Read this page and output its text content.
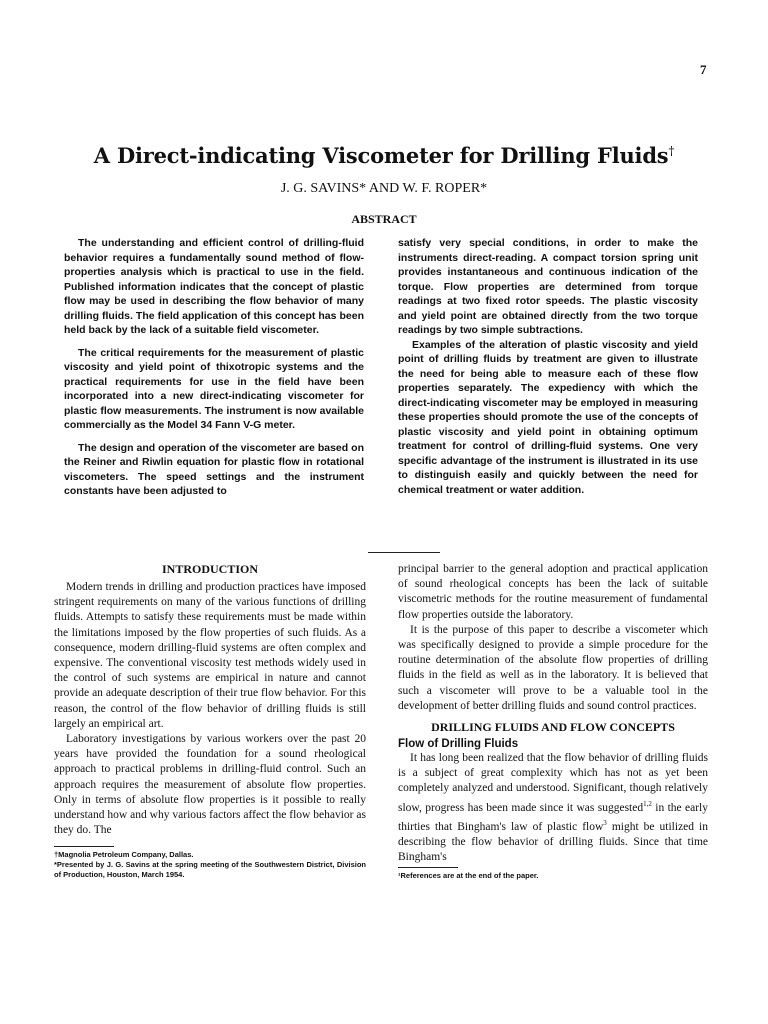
7
A Direct-indicating Viscometer for Drilling Fluids†
J. G. SAVINS* AND W. F. ROPER*
ABSTRACT

The understanding and efficient control of drilling-fluid behavior requires a fundamentally sound method of flow-properties analysis which is practical to use in the field. Published information indicates that the concept of plastic flow may be used in describing the flow behavior of many drilling fluids. The field application of this concept has been held back by the lack of a suitable field viscometer.

The critical requirements for the measurement of plastic viscosity and yield point of thixotropic systems and the practical requirements for use in the field have been incorporated into a new direct-indicating viscometer for plastic flow measurements. The instrument is now available commercially as the Model 34 Fann V-G meter.

The design and operation of the viscometer are based on the Reiner and Riwlin equation for plastic flow in rotational viscometers. The speed settings and the instrument constants have been adjusted to

satisfy very special conditions, in order to make the instruments direct-reading. A compact torsion spring unit provides instantaneous and continuous indication of the torque. Flow properties are determined from torque readings at two fixed rotor speeds. The plastic viscosity and yield point are obtained directly from the two torque readings by two simple subtractions.

Examples of the alteration of plastic viscosity and yield point of drilling fluids by treatment are given to illustrate the need for being able to measure each of these flow properties separately. The expediency with which the direct-indicating viscometer may be employed in measuring these properties should promote the use of the concepts of plastic viscosity and yield point in obtaining optimum treatment for control of drilling-fluid systems. One very specific advantage of the instrument is illustrated in its use to distinguish easily and quickly between the need for chemical treatment or water addition.

INTRODUCTION

Modern trends in drilling and production practices have imposed stringent requirements on many of the various functions of drilling fluids. Attempts to satisfy these requirements must be made within the limitations imposed by the flow properties of such fluids. As a consequence, modern drilling-fluid systems are often complex and expensive. The conventional viscosity test methods widely used in the control of such systems are empirical in nature and cannot provide an adequate description of their true flow behavior. For this reason, the control of the flow behavior of drilling fluids is still largely an empirical art.

Laboratory investigations by various workers over the past 20 years have provided the foundation for a sound rheological approach to practical problems in drilling-fluid control. Such an approach requires the measurement of absolute flow properties. Only in terms of absolute flow properties is it possible to really understand how and why various factors affect the flow behavior as they do. The

†Magnolia Petroleum Company, Dallas.

*Presented by J. G. Savins at the spring meeting of the Southwestern District, Division of Production, Houston, March 1954.

principal barrier to the general adoption and practical application of sound rheological concepts has been the lack of suitable viscometric methods for the routine measurement of fundamental flow properties outside the laboratory.

It is the purpose of this paper to describe a viscometer which was specifically designed to provide a simple procedure for the routine determination of the absolute flow properties of drilling fluids in the field as well as in the laboratory. It is believed that such a viscometer will prove to be a valuable tool in the development of better drilling fluids and sound control practices.

DRILLING FLUIDS AND FLOW CONCEPTS
Flow of Drilling Fluids

It has long been realized that the flow behavior of drilling fluids is a subject of great complexity which has not as yet been completely analyzed and understood. Significant, though relatively slow, progress has been made since it was suggested$^{1,2}$ in the early thirties that Bingham's law of plastic flow$^3$ might be utilized in describing the flow behavior of drilling fluids. Since that time Bingham's

¹References are at the end of the paper.
